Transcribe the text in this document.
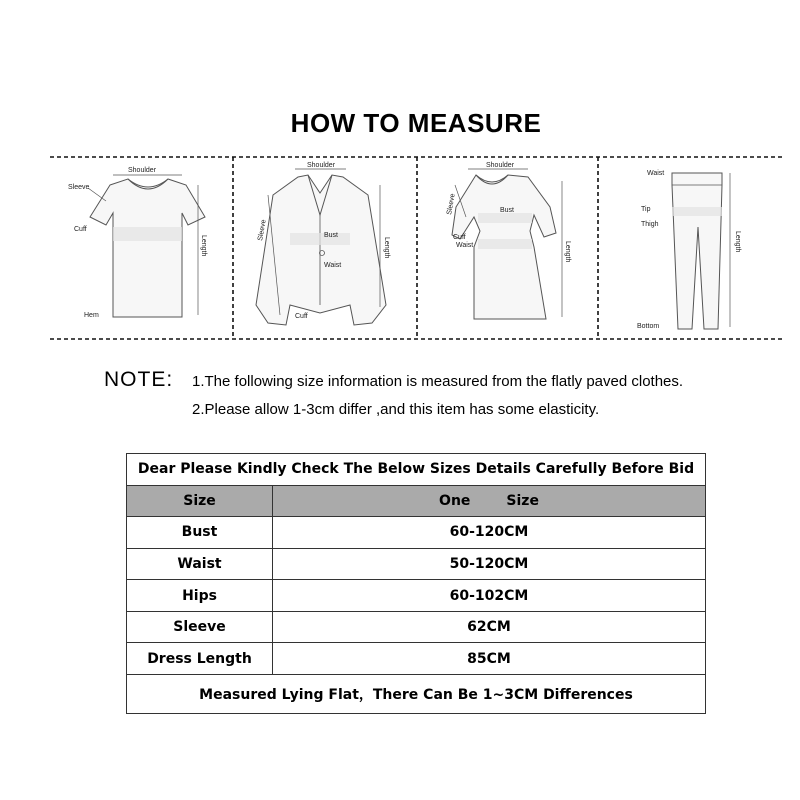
HOW TO MEASURE
Shoulder
Sleeve
Cuff
Hem
Length
Shoulder
Bust
Waist
Cuff
Sleeve
Length
Shoulder
Bust
Cuff
Waist
Sleeve
Length
Waist
Tip
Thigh
Bottom
Length
NOTE: 1.The following size information is measured from the flatly paved clothes.
2.Please allow 1-3cm differ ,and this item has some elasticity.
Dear Please Kindly Check The Below Sizes Details Carefully Before Bid	
Size	One Size
Bust	60-120CM
Waist	50-120CM
Hips	60-102CM
Sleeve	62CM
Dress Length	85CM
Measured Lying Flat，There Can Be 1~3CM Differences	
